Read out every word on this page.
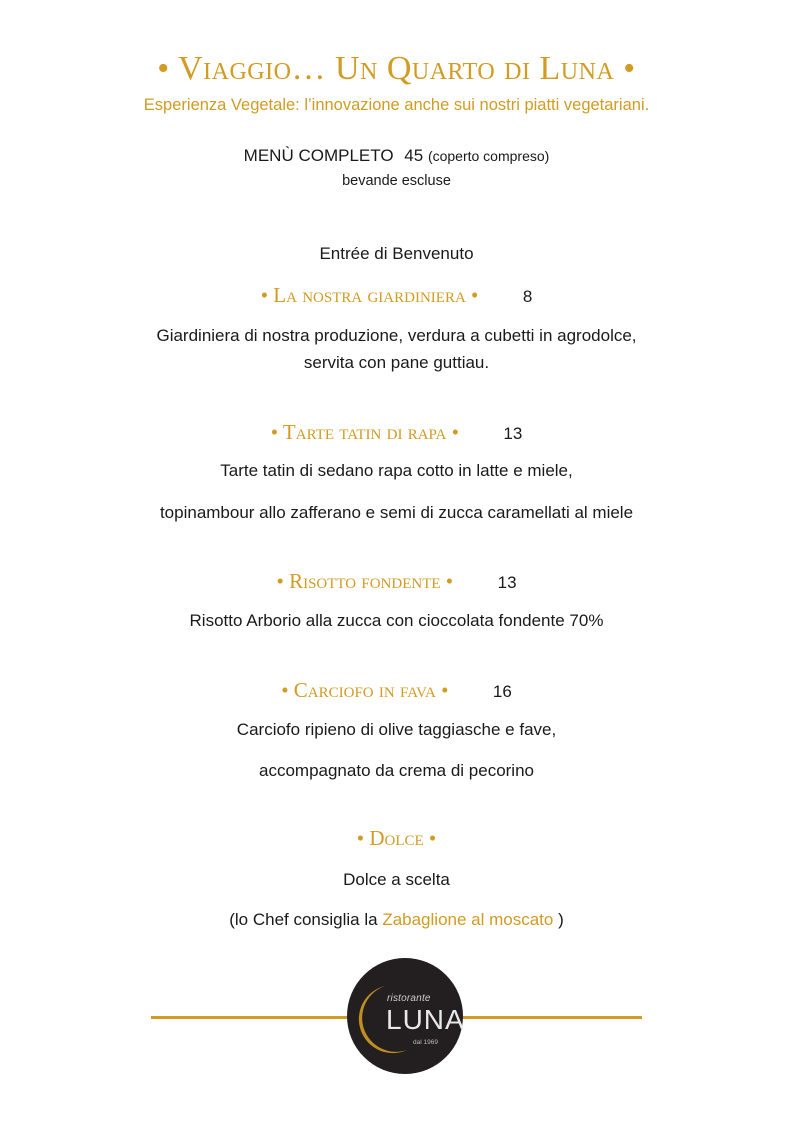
• Viaggio… Un Quarto di Luna •
Esperienza Vegetale: l’innovazione anche sui nostri piatti vegetariani.
MENÙ COMPLETO 45 (coperto compreso)
bevande escluse
Entrée di Benvenuto
• La nostra giardiniera •	8
Giardiniera di nostra produzione, verdura a cubetti in agrodolce,
servita con pane guttiau.
• Tarte tatin di rapa •	13
Tarte tatin di sedano rapa cotto in latte e miele,
topinambour allo zafferano e semi di zucca caramellati al miele
• Risotto fondente •	13
Risotto Arborio alla zucca con cioccolata fondente 70%
• Carciofo in fava •	16
Carciofo ripieno di olive taggiasche e fave,
accompagnato da crema di pecorino
• Dolce •
Dolce a scelta
(lo Chef consiglia la Zabaglione al moscato )
ristorante
LUNA
dal 1969
